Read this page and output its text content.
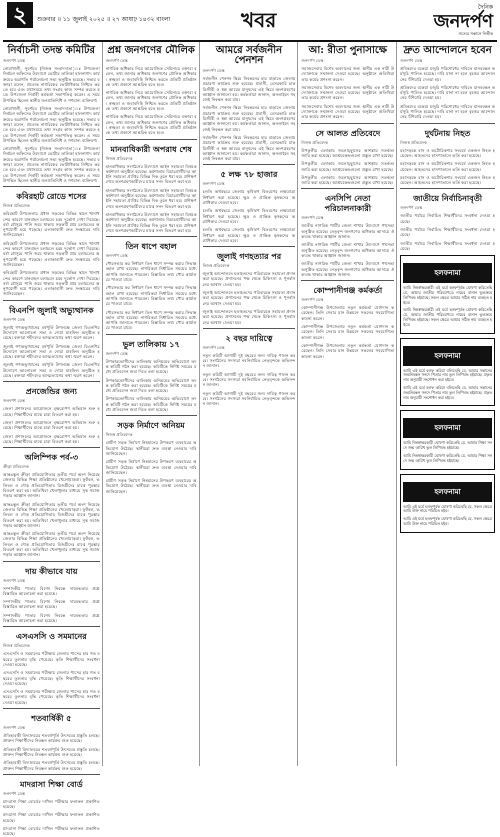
২	শুক্রবার ॥ ১১ জুলাই ২০২৫ ॥ ২৭ আষাঢ় ১৪৩২ বাংলা	খবর
দৈনিক
জনদর্পণ
সত্যের সন্ধানে নির্ভীক
নির্বাচনী তদন্ত কমিটির
জনদর্পণ ডেস্ক

নোয়াখালী, সুবর্ণচর (নিজস্ব সংবাদদাতা)ঃ উপজেলা নির্বাচন অফিসের উদ্যোগে ভোটার তালিকা হালনাগাদ কার্যক্রমের অগ্রগতি পর্যালোচনা সভা অনুষ্ঠিত হয়েছে। সভায় বক্তারা বলেন, প্রত্যেক নাগরিকের ভোটাধিকার নিশ্চিত করতে হবে এবং যথাসময়ে তথ্য সংগ্রহ কাজ সম্পন্ন করতে হবে। উপজেলা নির্বাহী কর্মকর্তা সভাপতিত্ব করেন। এ সময় উপস্থিত ছিলেন স্থানীয় জনপ্রতিনিধি ও গণমান্য ব্যক্তিবর্গ।

নোয়াখালী, সুবর্ণচর (নিজস্ব সংবাদদাতা)ঃ উপজেলা নির্বাচন অফিসের উদ্যোগে ভোটার তালিকা হালনাগাদ কার্যক্রমের অগ্রগতি পর্যালোচনা সভা অনুষ্ঠিত হয়েছে। সভায় বক্তারা বলেন, প্রত্যেক নাগরিকের ভোটাধিকার নিশ্চিত করতে হবে এবং যথাসময়ে তথ্য সংগ্রহ কাজ সম্পন্ন করতে হবে। উপজেলা নির্বাহী কর্মকর্তা সভাপতিত্ব করেন। এ সময় উপস্থিত ছিলেন স্থানীয় জনপ্রতিনিধি ও গণমান্য ব্যক্তিবর্গ।

নোয়াখালী, সুবর্ণচর (নিজস্ব সংবাদদাতা)ঃ উপজেলা নির্বাচন অফিসের উদ্যোগে ভোটার তালিকা হালনাগাদ কার্যক্রমের অগ্রগতি পর্যালোচনা সভা অনুষ্ঠিত হয়েছে। সভায় বক্তারা বলেন, প্রত্যেক নাগরিকের ভোটাধিকার নিশ্চিত করতে হবে এবং যথাসময়ে তথ্য সংগ্রহ কাজ সম্পন্ন করতে হবে। উপজেলা নির্বাহী কর্মকর্তা সভাপতিত্ব করেন। এ সময় উপস্থিত ছিলেন স্থানীয় জনপ্রতিনিধি ও গণমান্য ব্যক্তিবর্গ।

কবিরহাট রোডে শসের
নিজস্ব প্রতিবেদক

কবিরহাট উপজেলার প্রধান সড়কের বিভিন্ন স্থানে খানাখন্দের কারণে যানবাহন চলাচলে চরম দুর্ভোগ দেখা দিয়েছে। বর্ষা মৌসুমে পানি জমে থাকায় সড়কটি প্রায় চলাচলের অনুপযোগী হয়ে পড়েছে। এলাকাবাসী দ্রুত সংস্কারের দাবি জানিয়েছেন।

কবিরহাট উপজেলার প্রধান সড়কের বিভিন্ন স্থানে খানাখন্দের কারণে যানবাহন চলাচলে চরম দুর্ভোগ দেখা দিয়েছে। বর্ষা মৌসুমে পানি জমে থাকায় সড়কটি প্রায় চলাচলের অনুপযোগী হয়ে পড়েছে। এলাকাবাসী দ্রুত সংস্কারের দাবি জানিয়েছেন।

কবিরহাট উপজেলার প্রধান সড়কের বিভিন্ন স্থানে খানাখন্দের কারণে যানবাহন চলাচলে চরম দুর্ভোগ দেখা দিয়েছে। বর্ষা মৌসুমে পানি জমে থাকায় সড়কটি প্রায় চলাচলের অনুপযোগী হয়ে পড়েছে। এলাকাবাসী দ্রুত সংস্কারের দাবি জানিয়েছেন।

বিএনপি জুলাই অভ্যুত্থানক
জনদর্পণ ডেস্ক

জুলাই গণঅভ্যুত্থানের বর্ষপূর্তি উপলক্ষে জেলা বিএনপির উদ্যোগে আলোচনা সভা ও দোয়া মাহফিল অনুষ্ঠিত হয়েছে। বক্তারা শহীদদের আত্মত্যাগের কথা স্মরণ করেন।

জুলাই গণঅভ্যুত্থানের বর্ষপূর্তি উপলক্ষে জেলা বিএনপির উদ্যোগে আলোচনা সভা ও দোয়া মাহফিল অনুষ্ঠিত হয়েছে। বক্তারা শহীদদের আত্মত্যাগের কথা স্মরণ করেন।

জুলাই গণঅভ্যুত্থানের বর্ষপূর্তি উপলক্ষে জেলা বিএনপির উদ্যোগে আলোচনা সভা ও দোয়া মাহফিল অনুষ্ঠিত হয়েছে। বক্তারা শহীদদের আত্মত্যাগের কথা স্মরণ করেন।

প্রনজেন্ডির জন্য
জনদর্পণ ডেস্ক

জেলা প্রশাসনের আয়োজনে বৃক্ষরোপণ অভিযান শুরু হয়েছে। শিক্ষার্থীদের মাঝে চারা বিতরণ করা হয়।

জেলা প্রশাসনের আয়োজনে বৃক্ষরোপণ অভিযান শুরু হয়েছে। শিক্ষার্থীদের মাঝে চারা বিতরণ করা হয়।

জেলা প্রশাসনের আয়োজনে বৃক্ষরোপণ অভিযান শুরু হয়েছে। শিক্ষার্থীদের মাঝে চারা বিতরণ করা হয়।

অলিম্পিক পর্ব-৩
ক্রীড়া প্রতিবেদক

আন্তঃস্কুল ক্রীড়া প্রতিযোগিতার তৃতীয় পর্বে অংশ নিয়েছে জেলার বিভিন্ন শিক্ষা প্রতিষ্ঠানের খেলোয়াড়রা। ফুটবল, ভলিবল ও দৌড় প্রতিযোগিতায় বিজয়ীদের মাঝে পুরস্কার বিতরণ করা হয়। অতিথিরা খেলাধুলার মাধ্যমে সুস্থ সমাজ গড়ার আহ্বান জানান।

আন্তঃস্কুল ক্রীড়া প্রতিযোগিতার তৃতীয় পর্বে অংশ নিয়েছে জেলার বিভিন্ন শিক্ষা প্রতিষ্ঠানের খেলোয়াড়রা। ফুটবল, ভলিবল ও দৌড় প্রতিযোগিতায় বিজয়ীদের মাঝে পুরস্কার বিতরণ করা হয়। অতিথিরা খেলাধুলার মাধ্যমে সুস্থ সমাজ গড়ার আহ্বান জানান।

আন্তঃস্কুল ক্রীড়া প্রতিযোগিতার তৃতীয় পর্বে অংশ নিয়েছে জেলার বিভিন্ন শিক্ষা প্রতিষ্ঠানের খেলোয়াড়রা। ফুটবল, ভলিবল ও দৌড় প্রতিযোগিতায় বিজয়ীদের মাঝে পুরস্কার বিতরণ করা হয়। অতিথিরা খেলাধুলার মাধ্যমে সুস্থ সমাজ গড়ার আহ্বান জানান।

দায় কীভাবে যায়
জনদর্পণ ডেস্ক

সম্পাদকীয় পাতার বিশেষ নিবন্ধে দায়বদ্ধতার প্রশ্নে বিস্তারিত আলোচনা করা হয়েছে।

সম্পাদকীয় পাতার বিশেষ নিবন্ধে দায়বদ্ধতার প্রশ্নে বিস্তারিত আলোচনা করা হয়েছে।

সম্পাদকীয় পাতার বিশেষ নিবন্ধে দায়বদ্ধতার প্রশ্নে বিস্তারিত আলোচনা করা হয়েছে।

এসএসসি ও সমমানের
নিজস্ব প্রতিবেদক

এসএসসি ও সমমানের পরীক্ষায় জেলায় পাসের হার গত বছরের তুলনায় বৃদ্ধি পেয়েছে। কৃতি শিক্ষার্থীদের সংবর্ধনা দেওয়া হয়েছে।

এসএসসি ও সমমানের পরীক্ষায় জেলায় পাসের হার গত বছরের তুলনায় বৃদ্ধি পেয়েছে। কৃতি শিক্ষার্থীদের সংবর্ধনা দেওয়া হয়েছে।

এসএসসি ও সমমানের পরীক্ষায় জেলায় পাসের হার গত বছরের তুলনায় বৃদ্ধি পেয়েছে। কৃতি শিক্ষার্থীদের সংবর্ধনা দেওয়া হয়েছে।

শতবার্ষিকী ৫
জনদর্পণ ডেস্ক

ঐতিহ্যবাহী বিদ্যালয়ের শতবর্ষপূর্তি উৎসবের প্রস্তুতি চলছে। প্রাক্তন শিক্ষার্থীদের নিবন্ধন কার্যক্রম শুরু হয়েছে।

ঐতিহ্যবাহী বিদ্যালয়ের শতবর্ষপূর্তি উৎসবের প্রস্তুতি চলছে। প্রাক্তন শিক্ষার্থীদের নিবন্ধন কার্যক্রম শুরু হয়েছে।

ঐতিহ্যবাহী বিদ্যালয়ের শতবর্ষপূর্তি উৎসবের প্রস্তুতি চলছে। প্রাক্তন শিক্ষার্থীদের নিবন্ধন কার্যক্রম শুরু হয়েছে।

মাদরাসা শিক্ষা বোর্ড
জনদর্পণ ডেস্ক

মাদরাসা শিক্ষা বোর্ডের দাখিল পরীক্ষার ফলাফল প্রকাশিত হয়েছে।

মাদরাসা শিক্ষা বোর্ডের দাখিল পরীক্ষার ফলাফল প্রকাশিত হয়েছে।

মাদরাসা শিক্ষা বোর্ডের দাখিল পরীক্ষার ফলাফল প্রকাশিত হয়েছে।

প্রশ্ন জনগণের মৌলিক
জনদর্পণ ডেস্ক

নাগরিক অধিকার নিয়ে আয়োজিত সেমিনারে বক্তারা বলেন, তথ্য জানার অধিকার জনগণের মৌলিক অধিকার। স্বচ্ছতা ও জবাবদিহি নিশ্চিত করতে প্রতিটি প্রতিষ্ঠানকে তথ্য প্রকাশে আন্তরিক হতে হবে।

নাগরিক অধিকার নিয়ে আয়োজিত সেমিনারে বক্তারা বলেন, তথ্য জানার অধিকার জনগণের মৌলিক অধিকার। স্বচ্ছতা ও জবাবদিহি নিশ্চিত করতে প্রতিটি প্রতিষ্ঠানকে তথ্য প্রকাশে আন্তরিক হতে হবে।

নাগরিক অধিকার নিয়ে আয়োজিত সেমিনারে বক্তারা বলেন, তথ্য জানার অধিকার জনগণের মৌলিক অধিকার। স্বচ্ছতা ও জবাবদিহি নিশ্চিত করতে প্রতিটি প্রতিষ্ঠানকে তথ্য প্রকাশে আন্তরিক হতে হবে।

মানবাধিকারী অপরাধ শেষ
নিজস্ব প্রতিবেদক

মানবাধিকার সংগঠনের উদ্যোগে আইন সহায়তা বিষয়ক কর্মশালা অনুষ্ঠিত হয়েছে। কর্মশালায় বিচারপ্রার্থীদের আইনি সহায়তা প্রাপ্তির বিভিন্ন দিক তুলে ধরা হয়। প্রশিক্ষণ শেষে অংশগ্রহণকারীদের মাঝে সনদ বিতরণ করা হয়।

মানবাধিকার সংগঠনের উদ্যোগে আইন সহায়তা বিষয়ক কর্মশালা অনুষ্ঠিত হয়েছে। কর্মশালায় বিচারপ্রার্থীদের আইনি সহায়তা প্রাপ্তির বিভিন্ন দিক তুলে ধরা হয়। প্রশিক্ষণ শেষে অংশগ্রহণকারীদের মাঝে সনদ বিতরণ করা হয়।

মানবাধিকার সংগঠনের উদ্যোগে আইন সহায়তা বিষয়ক কর্মশালা অনুষ্ঠিত হয়েছে। কর্মশালায় বিচারপ্রার্থীদের আইনি সহায়তা প্রাপ্তির বিভিন্ন দিক তুলে ধরা হয়। প্রশিক্ষণ শেষে অংশগ্রহণকারীদের মাঝে সনদ বিতরণ করা হয়।

তিন ধাপে বহাল
জনদর্পণ ডেস্ক

পৌরসভার কর নির্ধারণ তিন ধাপে সম্পন্ন করার সিদ্ধান্ত বহাল রাখা হয়েছে। নাগরিকরা নির্ধারিত সময়ের মধ্যে আপত্তি জানাতে পারবেন। বিস্তারিত তথ্য পৌর কার্যালয়ে পাওয়া যাবে।

পৌরসভার কর নির্ধারণ তিন ধাপে সম্পন্ন করার সিদ্ধান্ত বহাল রাখা হয়েছে। নাগরিকরা নির্ধারিত সময়ের মধ্যে আপত্তি জানাতে পারবেন। বিস্তারিত তথ্য পৌর কার্যালয়ে পাওয়া যাবে।

পৌরসভার কর নির্ধারণ তিন ধাপে সম্পন্ন করার সিদ্ধান্ত বহাল রাখা হয়েছে। নাগরিকরা নির্ধারিত সময়ের মধ্যে আপত্তি জানাতে পারবেন। বিস্তারিত তথ্য পৌর কার্যালয়ে পাওয়া যাবে।

ভুল তালিকায় ১৭
জনদর্পণ ডেস্ক

উপকারভোগীদের তালিকায় অনিয়মের অভিযোগে তদন্ত কমিটি গঠন করা হয়েছে। কমিটিকে নির্দিষ্ট সময়ের মধ্যে প্রতিবেদন জমা দিতে বলা হয়েছে।

উপকারভোগীদের তালিকায় অনিয়মের অভিযোগে তদন্ত কমিটি গঠন করা হয়েছে। কমিটিকে নির্দিষ্ট সময়ের মধ্যে প্রতিবেদন জমা দিতে বলা হয়েছে।

উপকারভোগীদের তালিকায় অনিয়মের অভিযোগে তদন্ত কমিটি গঠন করা হয়েছে। কমিটিকে নির্দিষ্ট সময়ের মধ্যে প্রতিবেদন জমা দিতে বলা হয়েছে।

সড়ক নির্মাণে অনিয়ম
নিজস্ব প্রতিবেদক

গ্রামীণ সড়ক নির্মাণে নিম্নমানের উপকরণ ব্যবহারের অভিযোগ উঠেছে। স্থানীয়রা দ্রুত ব্যবস্থা নেওয়ার দাবি জানিয়েছেন।

গ্রামীণ সড়ক নির্মাণে নিম্নমানের উপকরণ ব্যবহারের অভিযোগ উঠেছে। স্থানীয়রা দ্রুত ব্যবস্থা নেওয়ার দাবি জানিয়েছেন।

গ্রামীণ সড়ক নির্মাণে নিম্নমানের উপকরণ ব্যবহারের অভিযোগ উঠেছে। স্থানীয়রা দ্রুত ব্যবস্থা নেওয়ার দাবি জানিয়েছেন।

আমরে সর্বজনীন পেনশন
জনদর্পণ ডেস্ক

সর্বজনীন পেনশন স্কিমে নিবন্ধনের হার বাড়াতে জেলায় প্রচারণা কার্যক্রম শুরু হয়েছে। প্রবাসী, বেসরকারি চাকরিজীবী ও স্বল্প আয়ের মানুষদের এই স্কিমে অংশগ্রহণের আহ্বান জানানো হয়। কর্মকর্তারা জানান, অনলাইনে সহজেই নিবন্ধন করা যায়।

সর্বজনীন পেনশন স্কিমে নিবন্ধনের হার বাড়াতে জেলায় প্রচারণা কার্যক্রম শুরু হয়েছে। প্রবাসী, বেসরকারি চাকরিজীবী ও স্বল্প আয়ের মানুষদের এই স্কিমে অংশগ্রহণের আহ্বান জানানো হয়। কর্মকর্তারা জানান, অনলাইনে সহজেই নিবন্ধন করা যায়।

সর্বজনীন পেনশন স্কিমে নিবন্ধনের হার বাড়াতে জেলায় প্রচারণা কার্যক্রম শুরু হয়েছে। প্রবাসী, বেসরকারি চাকরিজীবী ও স্বল্প আয়ের মানুষদের এই স্কিমে অংশগ্রহণের আহ্বান জানানো হয়। কর্মকর্তারা জানান, অনলাইনে সহজেই নিবন্ধন করা যায়।

৫ লক্ষ ৭৮ হাজার
জনদর্পণ ডেস্ক

চলতি অর্থবছরে জেলায় কৃষিঋণ বিতরণের লক্ষ্যমাত্রা নির্ধারণ করা হয়েছে। ক্ষুদ্র ও প্রান্তিক কৃষকদের অগ্রাধিকার দেওয়া হবে।

চলতি অর্থবছরে জেলায় কৃষিঋণ বিতরণের লক্ষ্যমাত্রা নির্ধারণ করা হয়েছে। ক্ষুদ্র ও প্রান্তিক কৃষকদের অগ্রাধিকার দেওয়া হবে।

চলতি অর্থবছরে জেলায় কৃষিঋণ বিতরণের লক্ষ্যমাত্রা নির্ধারণ করা হয়েছে। ক্ষুদ্র ও প্রান্তিক কৃষকদের অগ্রাধিকার দেওয়া হবে।

জুলাই গণহত্যার পর
নিজস্ব প্রতিবেদক

জুলাই আন্দোলনে হতাহতদের পরিবারকে সহায়তা প্রদান করা হয়েছে। প্রশাসনের পক্ষ থেকে চিকিৎসা ও পুনর্বাসনের আশ্বাস দেওয়া হয়।

জুলাই আন্দোলনে হতাহতদের পরিবারকে সহায়তা প্রদান করা হয়েছে। প্রশাসনের পক্ষ থেকে চিকিৎসা ও পুনর্বাসনের আশ্বাস দেওয়া হয়।

জুলাই আন্দোলনে হতাহতদের পরিবারকে সহায়তা প্রদান করা হয়েছে। প্রশাসনের পক্ষ থেকে চিকিৎসা ও পুনর্বাসনের আশ্বাস দেওয়া হয়।

২ বছর দায়িত্বে
জনদর্পণ ডেস্ক

নতুন কমিটি আগামী দুই বছরের জন্য দায়িত্ব পালন করবে। সংগঠনের সদস্যরা নবনির্বাচিত নেতৃবৃন্দকে অভিনন্দন জানান।

নতুন কমিটি আগামী দুই বছরের জন্য দায়িত্ব পালন করবে। সংগঠনের সদস্যরা নবনির্বাচিত নেতৃবৃন্দকে অভিনন্দন জানান।

নতুন কমিটি আগামী দুই বছরের জন্য দায়িত্ব পালন করবে। সংগঠনের সদস্যরা নবনির্বাচিত নেতৃবৃন্দকে অভিনন্দন জানান।

আ: রীতা পুনাসাক্ষে
জনদর্পণ ডেস্ক

সমাজসেবায় বিশেষ অবদানের জন্য স্থানীয় এক নারী উদ্যোক্তাকে সম্মাননা দেওয়া হয়েছে। অনুষ্ঠানে অতিথিরা তার কর্মের প্রশংসা করেন।

সমাজসেবায় বিশেষ অবদানের জন্য স্থানীয় এক নারী উদ্যোক্তাকে সম্মাননা দেওয়া হয়েছে। অনুষ্ঠানে অতিথিরা তার কর্মের প্রশংসা করেন।

সমাজসেবায় বিশেষ অবদানের জন্য স্থানীয় এক নারী উদ্যোক্তাকে সম্মাননা দেওয়া হয়েছে। অনুষ্ঠানে অতিথিরা তার কর্মের প্রশংসা করেন।

সে আলত প্রতিবেদে
নিজস্ব প্রতিবেদক

উপকূলীয় এলাকায় জলোচ্ছ্বাসের আশঙ্কায় সতর্কতা জারি করা হয়েছে। আশ্রয়কেন্দ্রগুলো প্রস্তুত রাখা হয়েছে।

উপকূলীয় এলাকায় জলোচ্ছ্বাসের আশঙ্কায় সতর্কতা জারি করা হয়েছে। আশ্রয়কেন্দ্রগুলো প্রস্তুত রাখা হয়েছে।

উপকূলীয় এলাকায় জলোচ্ছ্বাসের আশঙ্কায় সতর্কতা জারি করা হয়েছে। আশ্রয়কেন্দ্রগুলো প্রস্তুত রাখা হয়েছে।

এনসিপি নেতা পরিচালনাকারী
জনদর্পণ ডেস্ক

জাতীয় নাগরিক পার্টির জেলা শাখার উদ্যোগে পথসভা অনুষ্ঠিত হয়েছে। নেতৃবৃন্দ জনগণের অধিকার আদায়ে ঐক্যবদ্ধ থাকার আহ্বান জানান।

জাতীয় নাগরিক পার্টির জেলা শাখার উদ্যোগে পথসভা অনুষ্ঠিত হয়েছে। নেতৃবৃন্দ জনগণের অধিকার আদায়ে ঐক্যবদ্ধ থাকার আহ্বান জানান।

জাতীয় নাগরিক পার্টির জেলা শাখার উদ্যোগে পথসভা অনুষ্ঠিত হয়েছে। নেতৃবৃন্দ জনগণের অধিকার আদায়ে ঐক্যবদ্ধ থাকার আহ্বান জানান।

কোম্পানীগঞ্জ কর্মকর্তা
জনদর্পণ ডেস্ক

কোম্পানীগঞ্জ উপজেলায় নতুন কর্মকর্তা যোগদান করেছেন। তিনি সেবার মান উন্নয়নে সকলের সহযোগিতা কামনা করেন।

কোম্পানীগঞ্জ উপজেলায় নতুন কর্মকর্তা যোগদান করেছেন। তিনি সেবার মান উন্নয়নে সকলের সহযোগিতা কামনা করেন।

কোম্পানীগঞ্জ উপজেলায় নতুন কর্মকর্তা যোগদান করেছেন। তিনি সেবার মান উন্নয়নে সকলের সহযোগিতা কামনা করেন।

দ্রুত আন্দোলনে হবেন
জনদর্পণ ডেস্ক

শ্রমিকদের বকেয়া মজুরি পরিশোধের দাবিতে মানববন্ধন কর্মসূচি পালিত হয়েছে। দাবি মানা না হলে বৃহত্তর আন্দোলনের হুঁশিয়ারি দেওয়া হয়।

শ্রমিকদের বকেয়া মজুরি পরিশোধের দাবিতে মানববন্ধন কর্মসূচি পালিত হয়েছে। দাবি মানা না হলে বৃহত্তর আন্দোলনের হুঁশিয়ারি দেওয়া হয়।

শ্রমিকদের বকেয়া মজুরি পরিশোধের দাবিতে মানববন্ধন কর্মসূচি পালিত হয়েছে। দাবি মানা না হলে বৃহত্তর আন্দোলনের হুঁশিয়ারি দেওয়া হয়।

দুর্ঘটনায় নিহত
নিজস্ব প্রতিবেদক

মহাসড়কে বাস ও অটোরিকশার সংঘর্ষে একজন নিহত হয়েছেন। আহতদের হাসপাতালে ভর্তি করা হয়েছে।

মহাসড়কে বাস ও অটোরিকশার সংঘর্ষে একজন নিহত হয়েছেন। আহতদের হাসপাতালে ভর্তি করা হয়েছে।

মহাসড়কে বাস ও অটোরিকশার সংঘর্ষে একজন নিহত হয়েছেন। আহতদের হাসপাতালে ভর্তি করা হয়েছে।

জাতীয়ে নির্বাচিনাবৃতী
জনদর্পণ ডেস্ক

জাতীয় পর্যায়ে নির্বাচিত শিক্ষার্থীদের সংবর্ধনা দেওয়া হয়েছে।

জাতীয় পর্যায়ে নির্বাচিত শিক্ষার্থীদের সংবর্ধনা দেওয়া হয়েছে।

জাতীয় পর্যায়ে নির্বাচিত শিক্ষার্থীদের সংবর্ধনা দেওয়া হয়েছে।

হলফনামা

আমি নিম্নস্বাক্ষরকারী এই মর্মে হলফপূর্বক ঘোষণা করিতেছি যে, আমার জাতীয় পরিচয়পত্রে নামের বানান ভুলক্রমে লিপিবদ্ধ হইয়াছে। সকল ক্ষেত্রে আমার সঠিক নাম ব্যবহৃত হইবে।

আমি নিম্নস্বাক্ষরকারী এই মর্মে হলফপূর্বক ঘোষণা করিতেছি যে, আমার জাতীয় পরিচয়পত্রে নামের বানান ভুলক্রমে লিপিবদ্ধ হইয়াছে। সকল ক্ষেত্রে আমার সঠিক নাম ব্যবহৃত হইবে।

হলফনামা

আমি এই মর্মে হলফ করিয়া বলিতেছি যে, আমার সন্তানের জন্মনিবন্ধন সনদে পিতার নাম ভুল লিপিবদ্ধ হইয়াছে। প্রকৃত নাম অনুযায়ী সংশোধন করা হইবে।

আমি এই মর্মে হলফ করিয়া বলিতেছি যে, আমার সন্তানের জন্মনিবন্ধন সনদে পিতার নাম ভুল লিপিবদ্ধ হইয়াছে। প্রকৃত নাম অনুযায়ী সংশোধন করা হইবে।

হলফনামা

আমি নিম্নস্বাক্ষরকারী ঘোষণা করিতেছি যে, আমার শিক্ষা সনদে জন্ম তারিখ ভুল লিপিবদ্ধ হইয়াছে।

আমি নিম্নস্বাক্ষরকারী ঘোষণা করিতেছি যে, আমার শিক্ষা সনদে জন্ম তারিখ ভুল লিপিবদ্ধ হইয়াছে।

হলফনামা

আমি এই মর্মে হলফপূর্বক ঘোষণা করিতেছি যে, সকল ক্ষেত্রে আমি উক্ত নামে পরিচিত হইব।

আমি এই মর্মে হলফপূর্বক ঘোষণা করিতেছি যে, সকল ক্ষেত্রে আমি উক্ত নামে পরিচিত হইব।
